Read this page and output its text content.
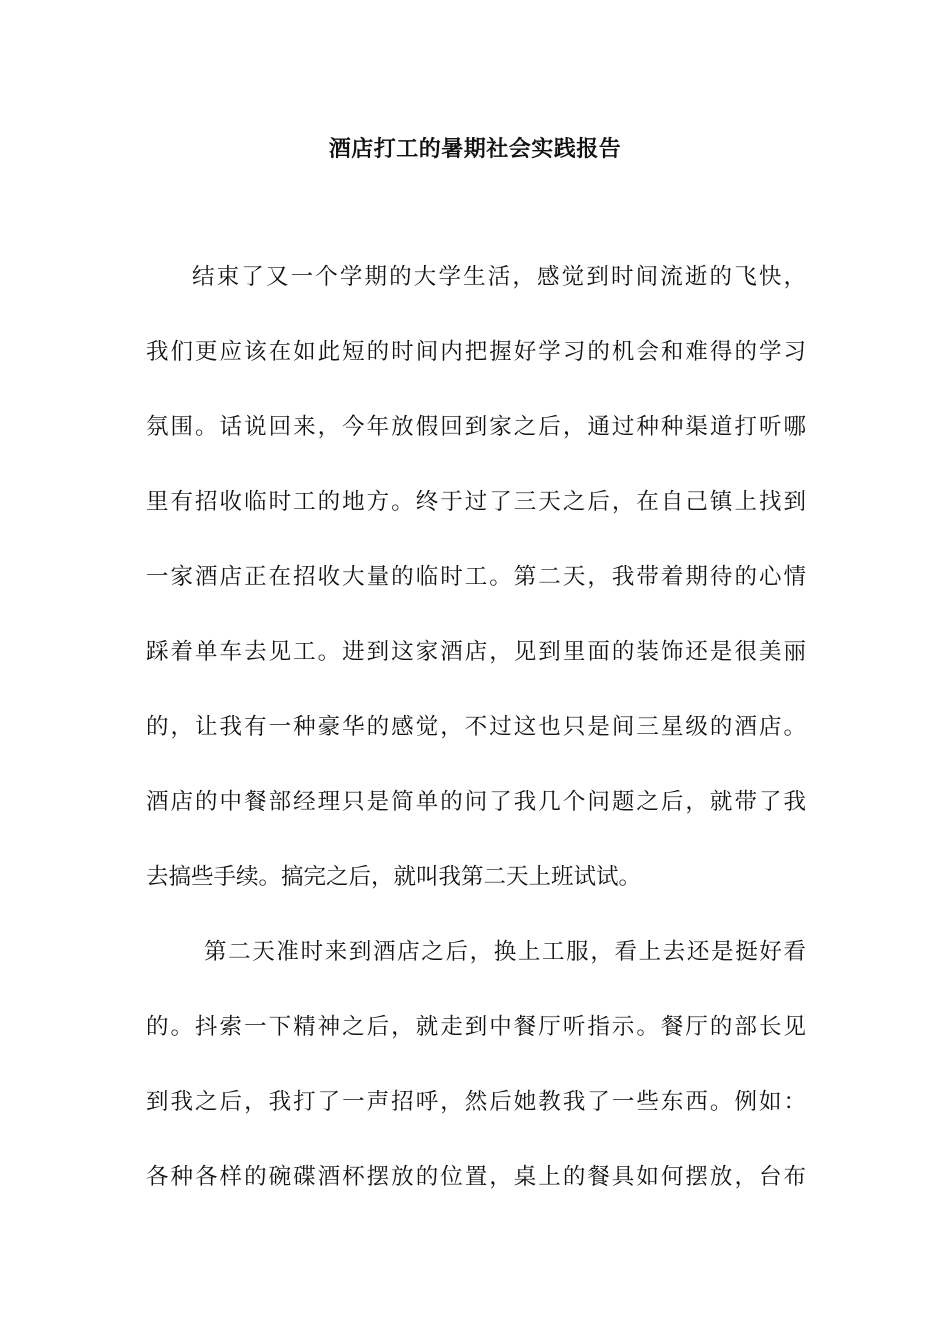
酒店打工的暑期社会实践报告
结束了又一个学期的大学生活，感觉到时间流逝的飞快，
我们更应该在如此短的时间内把握好学习的机会和难得的学习
氛围。话说回来，今年放假回到家之后，通过种种渠道打听哪
里有招收临时工的地方。终于过了三天之后，在自己镇上找到
一家酒店正在招收大量的临时工。第二天，我带着期待的心情
踩着单车去见工。进到这家酒店，见到里面的装饰还是很美丽
的，让我有一种豪华的感觉，不过这也只是间三星级的酒店。
酒店的中餐部经理只是简单的问了我几个问题之后，就带了我
去搞些手续。搞完之后，就叫我第二天上班试试。
第二天准时来到酒店之后，换上工服，看上去还是挺好看
的。抖索一下精神之后，就走到中餐厅听指示。餐厅的部长见
到我之后，我打了一声招呼，然后她教我了一些东西。例如：
各种各样的碗碟酒杯摆放的位置，桌上的餐具如何摆放，台布
